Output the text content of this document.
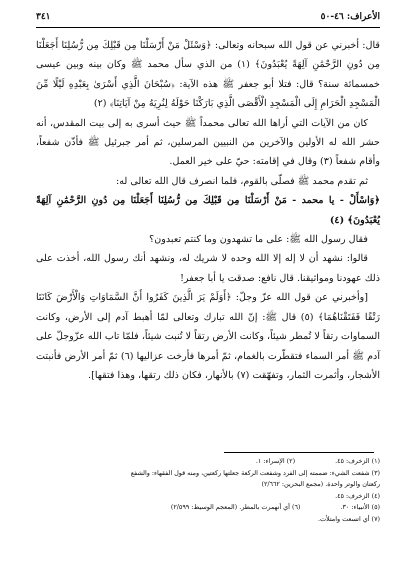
الأعراف: ٤٦-٥٠
٣٤١

قال: أخبرني عن قول الله سبحانه وتعالى: ﴿وَسْئَلْ مَنْ أَرْسَلْنَا مِن قَبْلِكَ مِن رُّسُلِنَا أَجَعَلْنَا مِن دُونِ الرَّحْمَٰنِ آلِهَةً يُعْبَدُونَ﴾ (١) من الذي سأل محمد ﷺ وكان بينه وبين عيسى خمسمائة سنة؟ قال: فتلا أبو جعفر ﷺ هذه الآية: ﴿سُبْحَانَ الَّذِي أَسْرَىٰ بِعَبْدِهِ لَيْلًا مِّنَ الْمَسْجِدِ الْحَرَامِ إِلَى الْمَسْجِدِ الْأَقْصَى الَّذِي بَارَكْنَا حَوْلَهُ لِنُرِيَهُ مِنْ آيَاتِنَا﴾ (٢)

كان من الآيات التي أراها الله تعالى محمداً ﷺ حيث أسرى به إلى بيت المقدس، أنه حشر الله له الأولين والآخرين من النبيين المرسلين، ثم أمر جبرئيل ﷺ فأذّن شفعاً، وأقام شفعاً (٣) وقال في إقامته: حيّ على خير العمل.

ثم تقدم محمد ﷺ فصلّى بالقوم، فلما انصرف قال الله تعالى له:

﴿وَاسْأَلْ - يا محمد - مَنْ أَرْسَلْنَا مِن قَبْلِكَ مِن رُّسُلِنَا أَجَعَلْنَا مِن دُونِ الرَّحْمَٰنِ آلِهَةً يُعْبَدُونَ﴾ (٤)

فقال رسول الله ﷺ: على ما تشهدون وما كنتم تعبدون؟

قالوا: نشهد أن لا إله إلا الله وحده لا شريك له، ونشهد أنك رسول الله، أخذت على ذلك عهودنا ومواثيقنا. قال نافع: صدقت يا أبا جعفر!

[وأخبرني عن قول الله عزّ وجلّ: ﴿أَوَلَمْ يَرَ الَّذِينَ كَفَرُوا أَنَّ السَّمَاوَاتِ وَالْأَرْضَ كَانَتَا رَتْقًا فَفَتَقْنَاهُمَا﴾ (٥) قال ﷺ: إنّ الله تبارك وتعالى لمّا أهبط آدم إلى الأرض، وكانت السماوات رتقاً لا تُمطر شيئاً، وكانت الأرض رتقاً لا تُنبت شيئاً، فلمّا تاب الله عزّوجلّ على آدم ﷺ أمر السماء فتقطّرت بالغمام، ثمّ أمرها فأرخت عزاليها (٦) ثمّ أمر الأرض فأنبتت الأشجار، وأثمرت الثمار، وتفهّقت (٧) بالأنهار، فكان ذلك رتقها، وهذا فتقها].

(١) الزخرف: ٤٥.
(٢) الإسراء: ١.

(٣) شفعت الشيء: ضممته إلى الفرد وشفعت الركعة جعلتها ركعتين، ومنه قول الفقهاء: والشفع

ركعتان والوتر واحدة. (مجمع البحرين: ٢/٦٦٢)

(٤) الزخرف: ٤٥.

(٥) الأنبياء: ٣٠.
(٦) أي أنهمرت بالمطر. (المعجم الوسيط: ٢/٥٩٩)

(٧) أي اتسعت وامتلأت.
